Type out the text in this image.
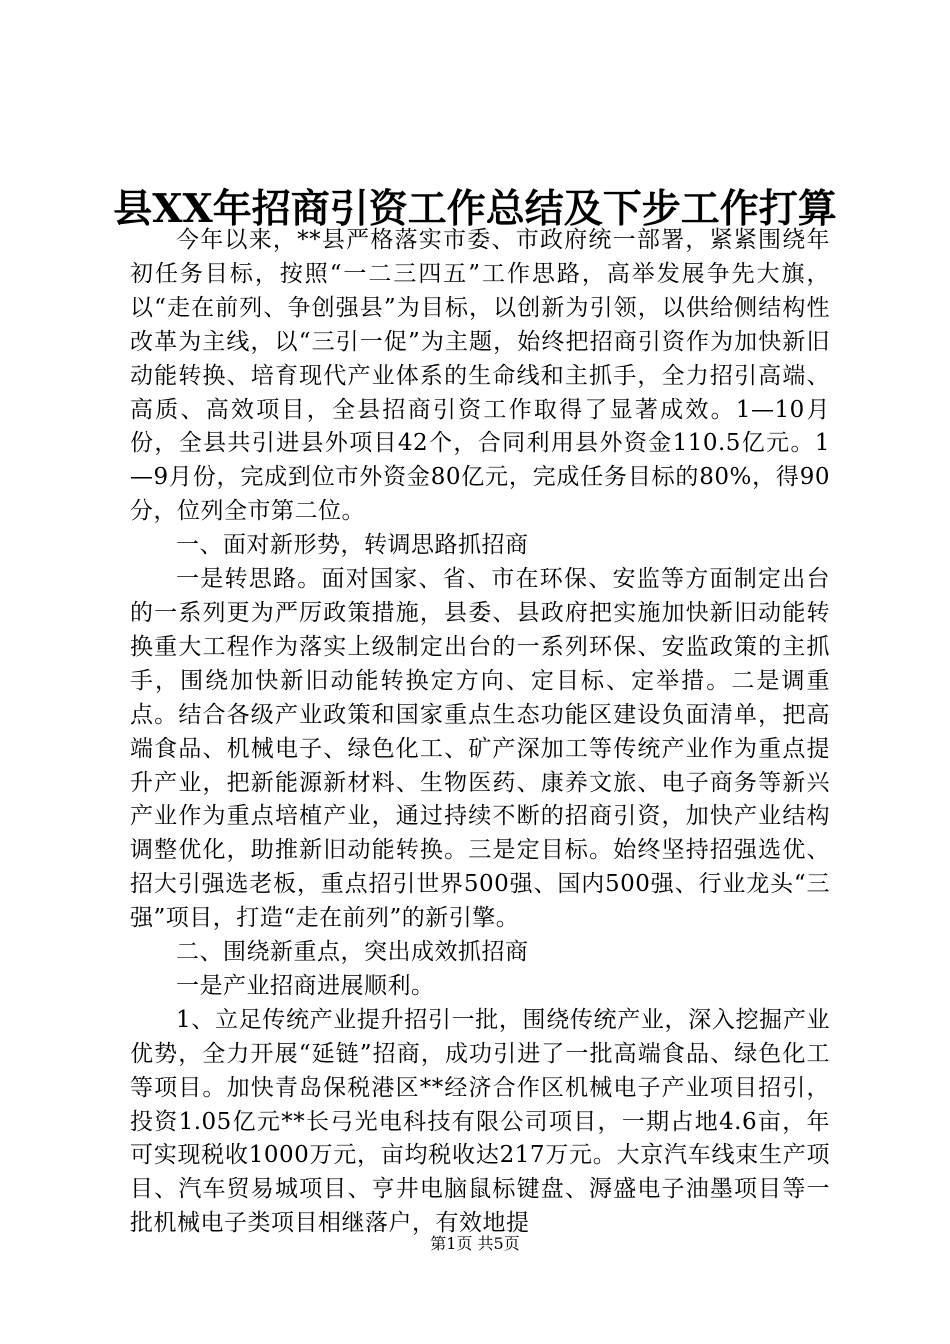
县XX年招商引资工作总结及下步工作打算

今年以来，**县严格落实市委、市政府统一部署，紧紧围绕年初任务目标，按照“一二三四五”工作思路，高举发展争先大旗，以“走在前列、争创强县”为目标，以创新为引领，以供给侧结构性改革为主线，以“三引一促”为主题，始终把招商引资作为加快新旧动能转换、培育现代产业体系的生命线和主抓手，全力招引高端、高质、高效项目，全县招商引资工作取得了显著成效。1—10月份，全县共引进县外项目42个，合同利用县外资金110.5亿元。1—9月份，完成到位市外资金80亿元，完成任务目标的80%，得90分，位列全市第二位。

一、面对新形势，转调思路抓招商

一是转思路。面对国家、省、市在环保、安监等方面制定出台的一系列更为严厉政策措施，县委、县政府把实施加快新旧动能转换重大工程作为落实上级制定出台的一系列环保、安监政策的主抓手，围绕加快新旧动能转换定方向、定目标、定举措。二是调重点。结合各级产业政策和国家重点生态功能区建设负面清单，把高端食品、机械电子、绿色化工、矿产深加工等传统产业作为重点提升产业，把新能源新材料、生物医药、康养文旅、电子商务等新兴产业作为重点培植产业，通过持续不断的招商引资，加快产业结构调整优化，助推新旧动能转换。三是定目标。始终坚持招强选优、招大引强选老板，重点招引世界500强、国内500强、行业龙头“三强”项目，打造“走在前列”的新引擎。

二、围绕新重点，突出成效抓招商

一是产业招商进展顺利。

1、立足传统产业提升招引一批，围绕传统产业，深入挖掘产业优势，全力开展“延链”招商，成功引进了一批高端食品、绿色化工等项目。加快青岛保税港区**经济合作区机械电子产业项目招引，投资1.05亿元**长弓光电科技有限公司项目，一期占地4.6亩，年可实现税收1000万元，亩均税收达217万元。大京汽车线束生产项目、汽车贸易城项目、亨井电脑鼠标键盘、溽盛电子油墨项目等一批机械电子类项目相继落户，有效地提

第1页 共5页
